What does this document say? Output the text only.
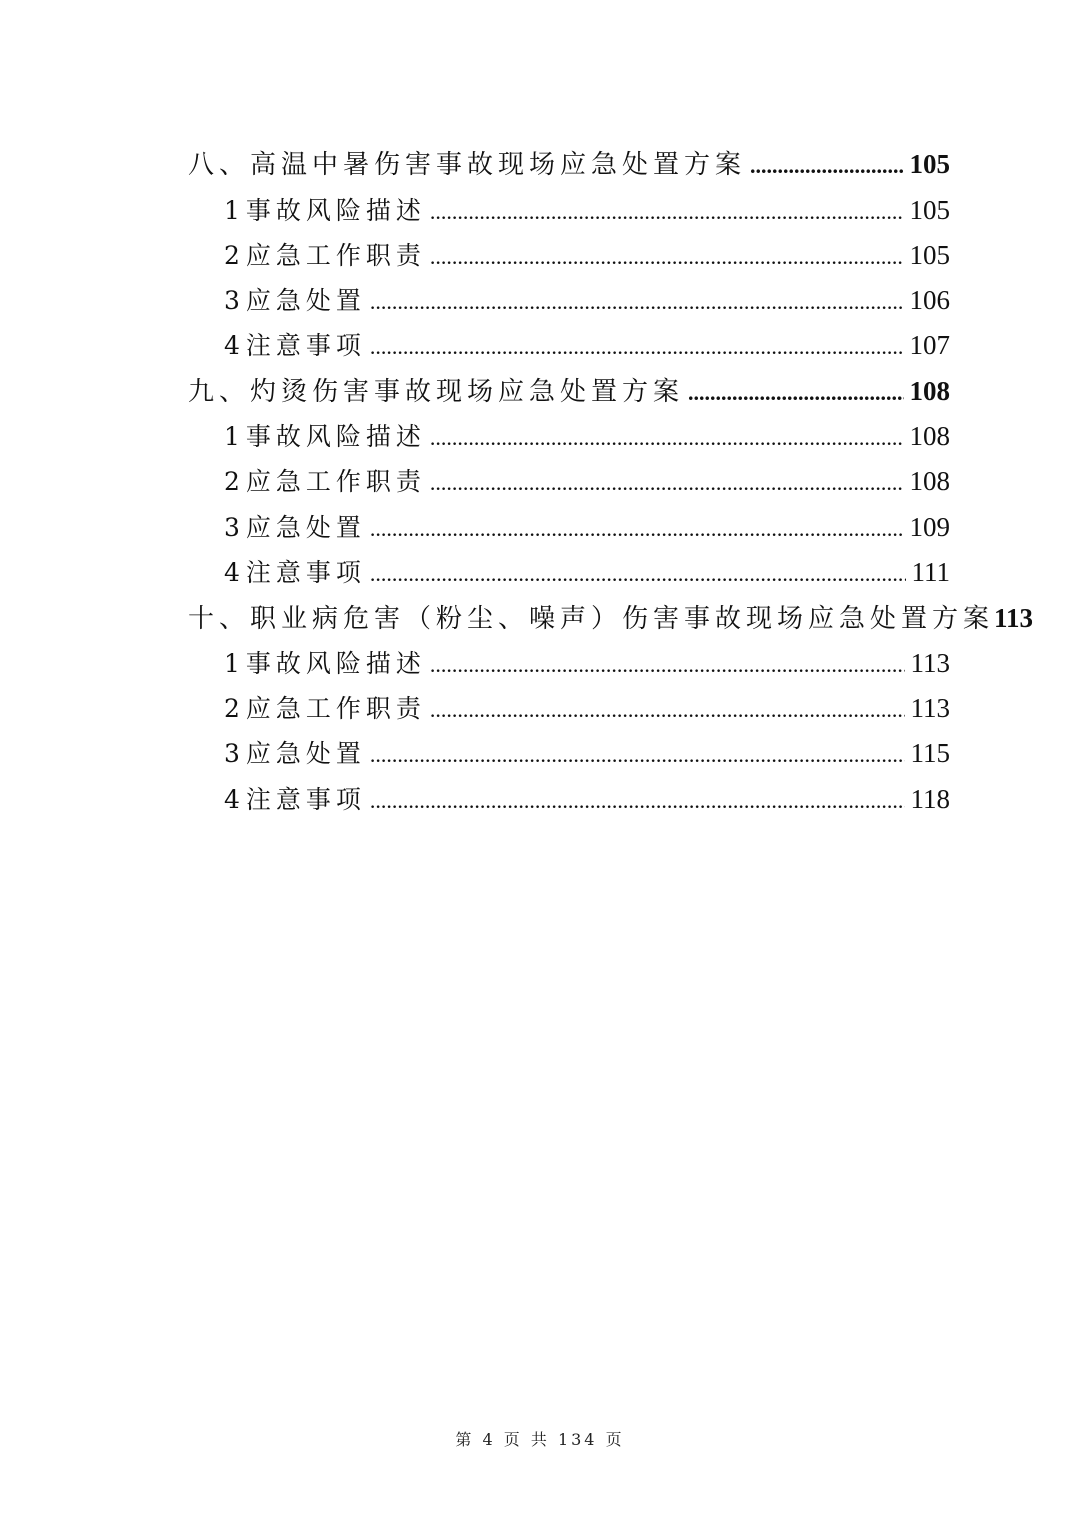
八、高温中暑伤害事故现场应急处置方案 .....	105
1 事故风险描述 .....	105
2 应急工作职责 .....	105
3 应急处置 .....	106
4 注意事项 .....	107
九、灼烫伤害事故现场应急处置方案 .....	108
1 事故风险描述 .....	108
2 应急工作职责 .....	108
3 应急处置 .....	109
4 注意事项 .....	111
十、职业病危害（粉尘、噪声）伤害事故现场应急处置方案 113
1 事故风险描述 .....	113
2 应急工作职责 .....	113
3 应急处置 .....	115
4 注意事项 .....	118
第 4 页 共 134 页
